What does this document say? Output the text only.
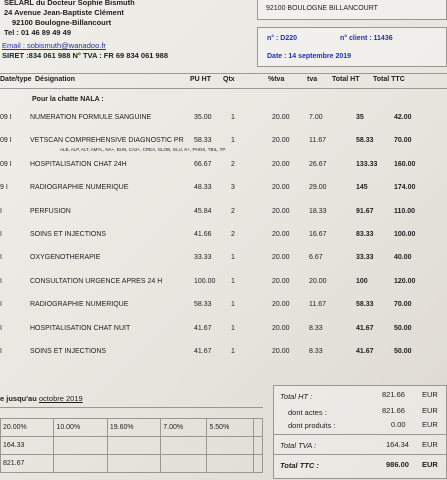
SELARL du Docteur Sophie Bismuth
24 Avenue Jean-Baptiste Clément
92100 Boulogne-Billancourt
Tel : 01 46 89 49 49
Email : sobismuth@wanadoo.fr
SIRET :834 061 988 N° TVA : FR 69 834 061 988
92100 BOULOGNE BILLANCOURT
n° : D220	n° client : 11436
Date : 14 septembre 2019
Date/type Désignation	PU HT Qtx	%tva	tva Total HT Total TTC
Pour la chatte NALA :
09 I	NUMERATION FORMULE SANGUINE	35.00	1	20.00	7.00	35	42.00
09 I	VETSCAN COMPREHENSIVE DIAGNOSTIC PR 58.33	1	20.00	11.67	58.33	70.00
ALB, ALP, ALT, AMYL, NA+, BUN, CA2+, CREA, GLOB, GLU, K+, PHOS, TBIL, TP
09 I	HOSPITALISATION CHAT 24H	66.67	2	20.00	26.67	133.33 160.00
9 I	RADIOGRAPHIE NUMERIQUE	48.33	3	20.00	29.00	145	174.00
I	PERFUSION	45.84	2	20.00	18.33	91.67	110.00
I	SOINS ET INJECTIONS	41.66	2	20.00	16.67	83.33	100.00
I	OXYGENOTHERAPIE	33.33	1	20.00	6.67	33.33	40.00
I	CONSULTATION URGENCE APRES 24 H	100.00 1	20.00	20.00	100	120.00
I	RADIOGRAPHIE NUMERIQUE	58.33	1	20.00	11.67	58.33	70.00
I	HOSPITALISATION CHAT NUIT	41.67	1	20.00	8.33	41.67	50.00
I	SOINS ET INJECTIONS	41.67	1	20.00	8.33	41.67	50.00
e jusqu'au octobre 2019
20.00%	10.00%	19.60%	7.00%	5.50%	
164.33					
821.67					
Total HT :	821.66 EUR
dont actes :	821.66 EUR
dont produits :	0.00 EUR
Total TVA :	164.34 EUR
Total TTC :	986.00 EUR
